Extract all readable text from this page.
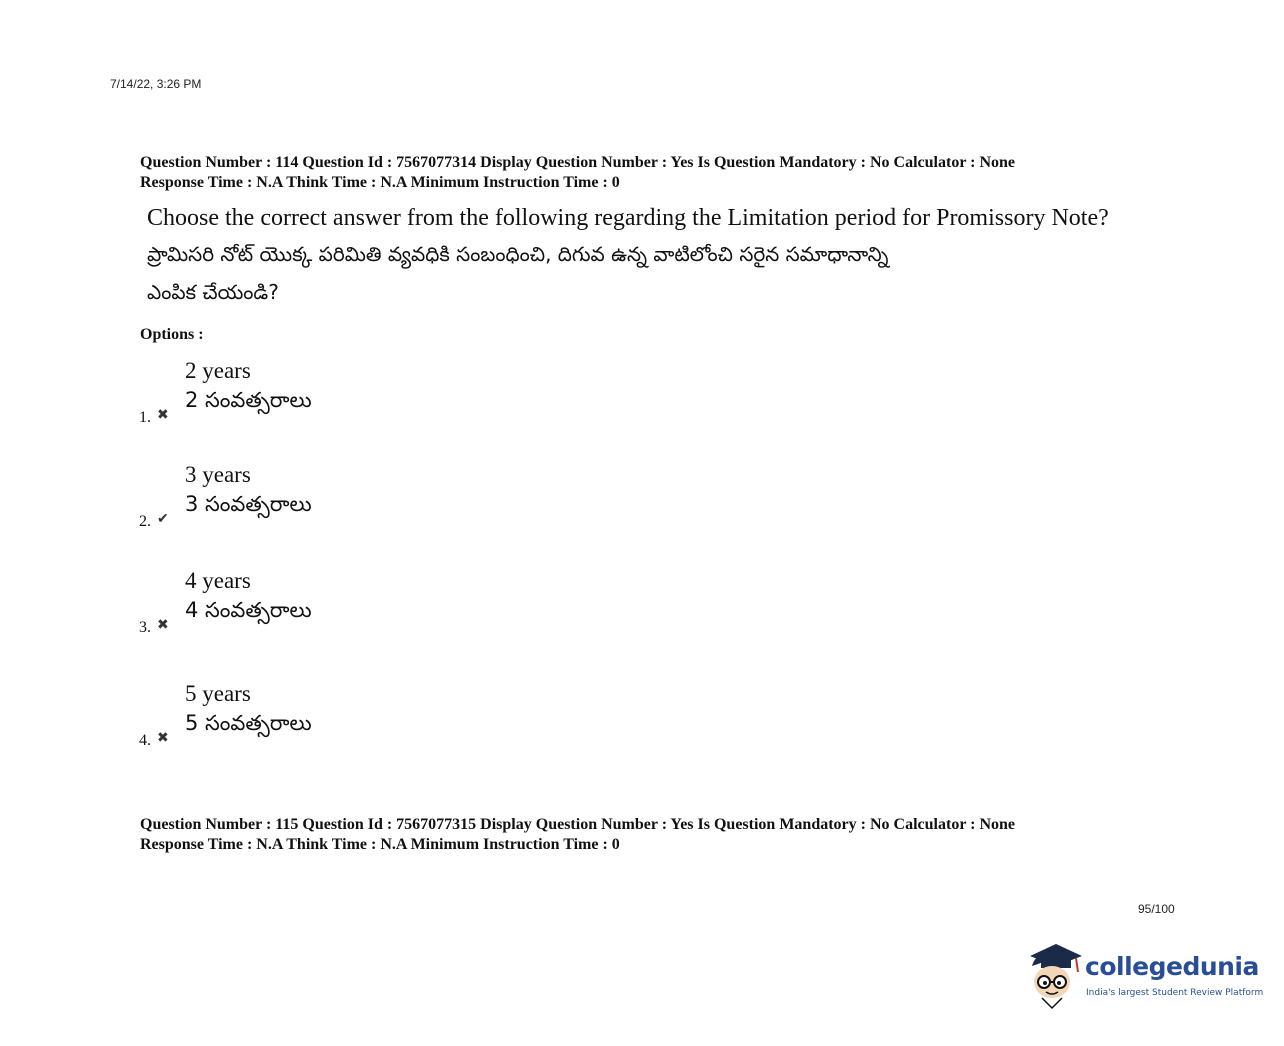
7/14/22, 3:26 PM
Question Number : 114 Question Id : 7567077314 Display Question Number : Yes Is Question Mandatory : No Calculator : None
Response Time : N.A Think Time : N.A Minimum Instruction Time : 0
Choose the correct answer from the following regarding the Limitation period for Promissory Note?
ప్రామిసరి నోట్ యొక్క పరిమితి వ్యవధికి సంబంధించి, దిగువ ఉన్న వాటిలోంచి సరైన సమాధానాన్ని
ఎంపిక చేయండి?
Options :
2 years
2 సంవత్సరాలు
1. ✖
3 years
3 సంవత్సరాలు
2. ✔
4 years
4 సంవత్సరాలు
3. ✖
5 years
5 సంవత్సరాలు
4. ✖
Question Number : 115 Question Id : 7567077315 Display Question Number : Yes Is Question Mandatory : No Calculator : None
Response Time : N.A Think Time : N.A Minimum Instruction Time : 0
95/100
collegedunia
India's largest Student Review Platform
